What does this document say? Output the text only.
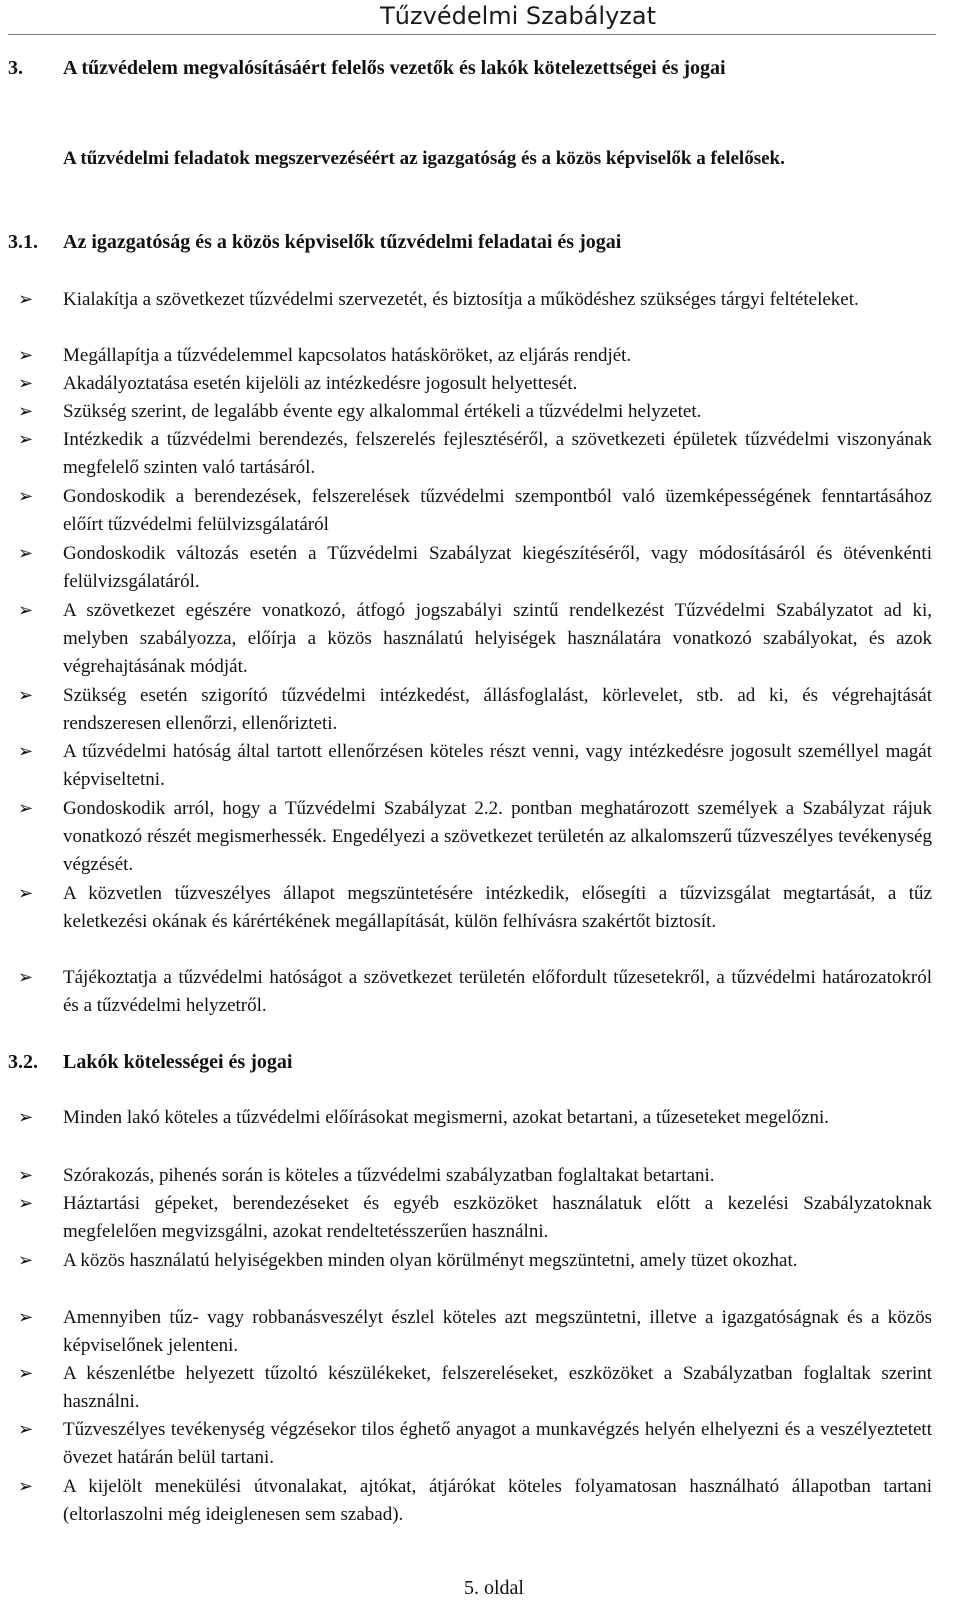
Tűzvédelmi Szabályzat
3. A tűzvédelem megvalósításáért felelős vezetők és lakók kötelezettségei és jogai
A tűzvédelmi feladatok megszervezéséért az igazgatóság és a közös képviselők a felelősek.
3.1. Az igazgatóság és a közös képviselők tűzvédelmi feladatai és jogai
➢
Kialakítja a szövetkezet tűzvédelmi szervezetét, és biztosítja a működéshez szükséges tárgyi feltételeket.
➢
Megállapítja a tűzvédelemmel kapcsolatos hatásköröket, az eljárás rendjét.
➢
Akadályoztatása esetén kijelöli az intézkedésre jogosult helyettesét.
➢
Szükség szerint, de legalább évente egy alkalommal értékeli a tűzvédelmi helyzetet.
➢
Intézkedik a tűzvédelmi berendezés, felszerelés fejlesztéséről, a szövetkezeti épületek tűzvédelmi viszonyának megfelelő szinten való tartásáról.
➢
Gondoskodik a berendezések, felszerelések tűzvédelmi szempontból való üzemképességének fenntartásához előírt tűzvédelmi felülvizsgálatáról
➢
Gondoskodik változás esetén a Tűzvédelmi Szabályzat kiegészítéséről, vagy módosításáról és ötévenkénti felülvizsgálatáról.
➢
A szövetkezet egészére vonatkozó, átfogó jogszabályi szintű rendelkezést Tűzvédelmi Szabályzatot ad ki, melyben szabályozza, előírja a közös használatú helyiségek használatára vonatkozó szabályokat, és azok végrehajtásának módját.
➢
Szükség esetén szigorító tűzvédelmi intézkedést, állásfoglalást, körlevelet, stb. ad ki, és végrehajtását rendszeresen ellenőrzi, ellenőrizteti.
➢
A tűzvédelmi hatóság által tartott ellenőrzésen köteles részt venni, vagy intézkedésre jogosult személlyel magát képviseltetni.
➢
Gondoskodik arról, hogy a Tűzvédelmi Szabályzat 2.2. pontban meghatározott személyek a Szabályzat rájuk vonatkozó részét megismerhessék. Engedélyezi a szövetkezet területén az alkalomszerű tűzveszélyes tevékenység végzését.
➢
A közvetlen tűzveszélyes állapot megszüntetésére intézkedik, elősegíti a tűzvizsgálat megtartását, a tűz keletkezési okának és kárértékének megállapítását, külön felhívásra szakértőt biztosít.
➢
Tájékoztatja a tűzvédelmi hatóságot a szövetkezet területén előfordult tűzesetekről, a tűzvédelmi határozatokról és a tűzvédelmi helyzetről.
3.2. Lakók kötelességei és jogai
➢
Minden lakó köteles a tűzvédelmi előírásokat megismerni, azokat betartani, a tűzeseteket megelőzni.
➢
Szórakozás, pihenés során is köteles a tűzvédelmi szabályzatban foglaltakat betartani.
➢
Háztartási gépeket, berendezéseket és egyéb eszközöket használatuk előtt a kezelési Szabályzatoknak megfelelően megvizsgálni, azokat rendeltetésszerűen használni.
➢
A közös használatú helyiségekben minden olyan körülményt megszüntetni, amely tüzet okozhat.
➢
Amennyiben tűz- vagy robbanásveszélyt észlel köteles azt megszüntetni, illetve a igazgatóságnak és a közös képviselőnek jelenteni.
➢
A készenlétbe helyezett tűzoltó készülékeket, felszereléseket, eszközöket a Szabályzatban foglaltak szerint használni.
➢
Tűzveszélyes tevékenység végzésekor tilos éghető anyagot a munkavégzés helyén elhelyezni és a veszélyeztetett övezet határán belül tartani.
➢
A kijelölt menekülési útvonalakat, ajtókat, átjárókat köteles folyamatosan használható állapotban tartani (eltorlaszolni még ideiglenesen sem szabad).
5. oldal
